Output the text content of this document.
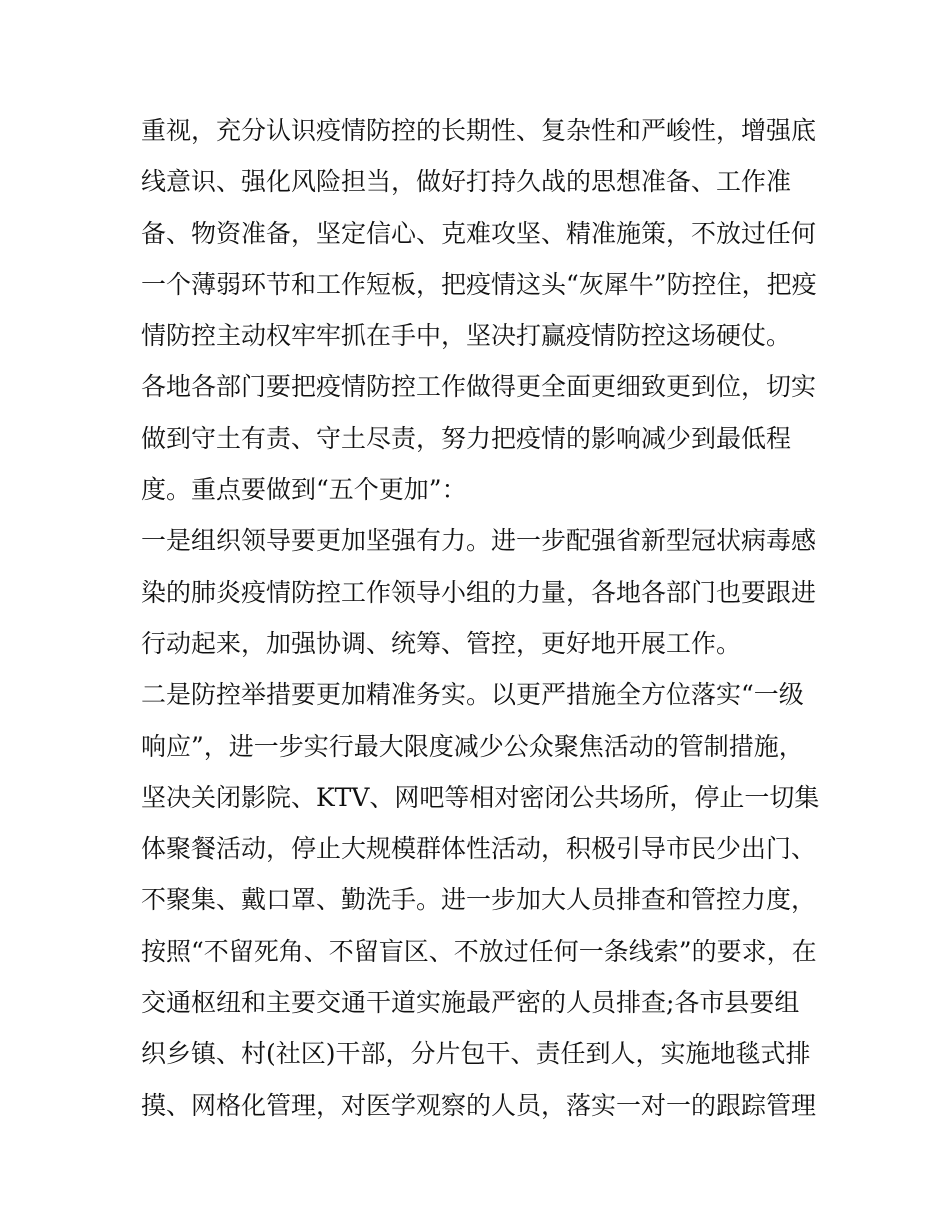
重视，充分认识疫情防控的长期性、复杂性和严峻性，增强底
线意识、强化风险担当，做好打持久战的思想准备、工作准
备、物资准备，坚定信心、克难攻坚、精准施策，不放过任何
一个薄弱环节和工作短板，把疫情这头“灰犀牛”防控住，把疫
情防控主动权牢牢抓在手中，坚决打赢疫情防控这场硬仗。
各地各部门要把疫情防控工作做得更全面更细致更到位，切实
做到守土有责、守土尽责，努力把疫情的影响减少到最低程
度。重点要做到“五个更加”：
一是组织领导要更加坚强有力。进一步配强省新型冠状病毒感
染的肺炎疫情防控工作领导小组的力量，各地各部门也要跟进
行动起来，加强协调、统筹、管控，更好地开展工作。
二是防控举措要更加精准务实。以更严措施全方位落实“一级
响应”，进一步实行最大限度减少公众聚焦活动的管制措施，
坚决关闭影院、KTV、网吧等相对密闭公共场所，停止一切集
体聚餐活动，停止大规模群体性活动，积极引导市民少出门、
不聚集、戴口罩、勤洗手。进一步加大人员排查和管控力度，
按照“不留死角、不留盲区、不放过任何一条线索”的要求，在
交通枢纽和主要交通干道实施最严密的人员排查;各市县要组
织乡镇、村(社区)干部，分片包干、责任到人，实施地毯式排
摸、网格化管理，对医学观察的人员，落实一对一的跟踪管理
